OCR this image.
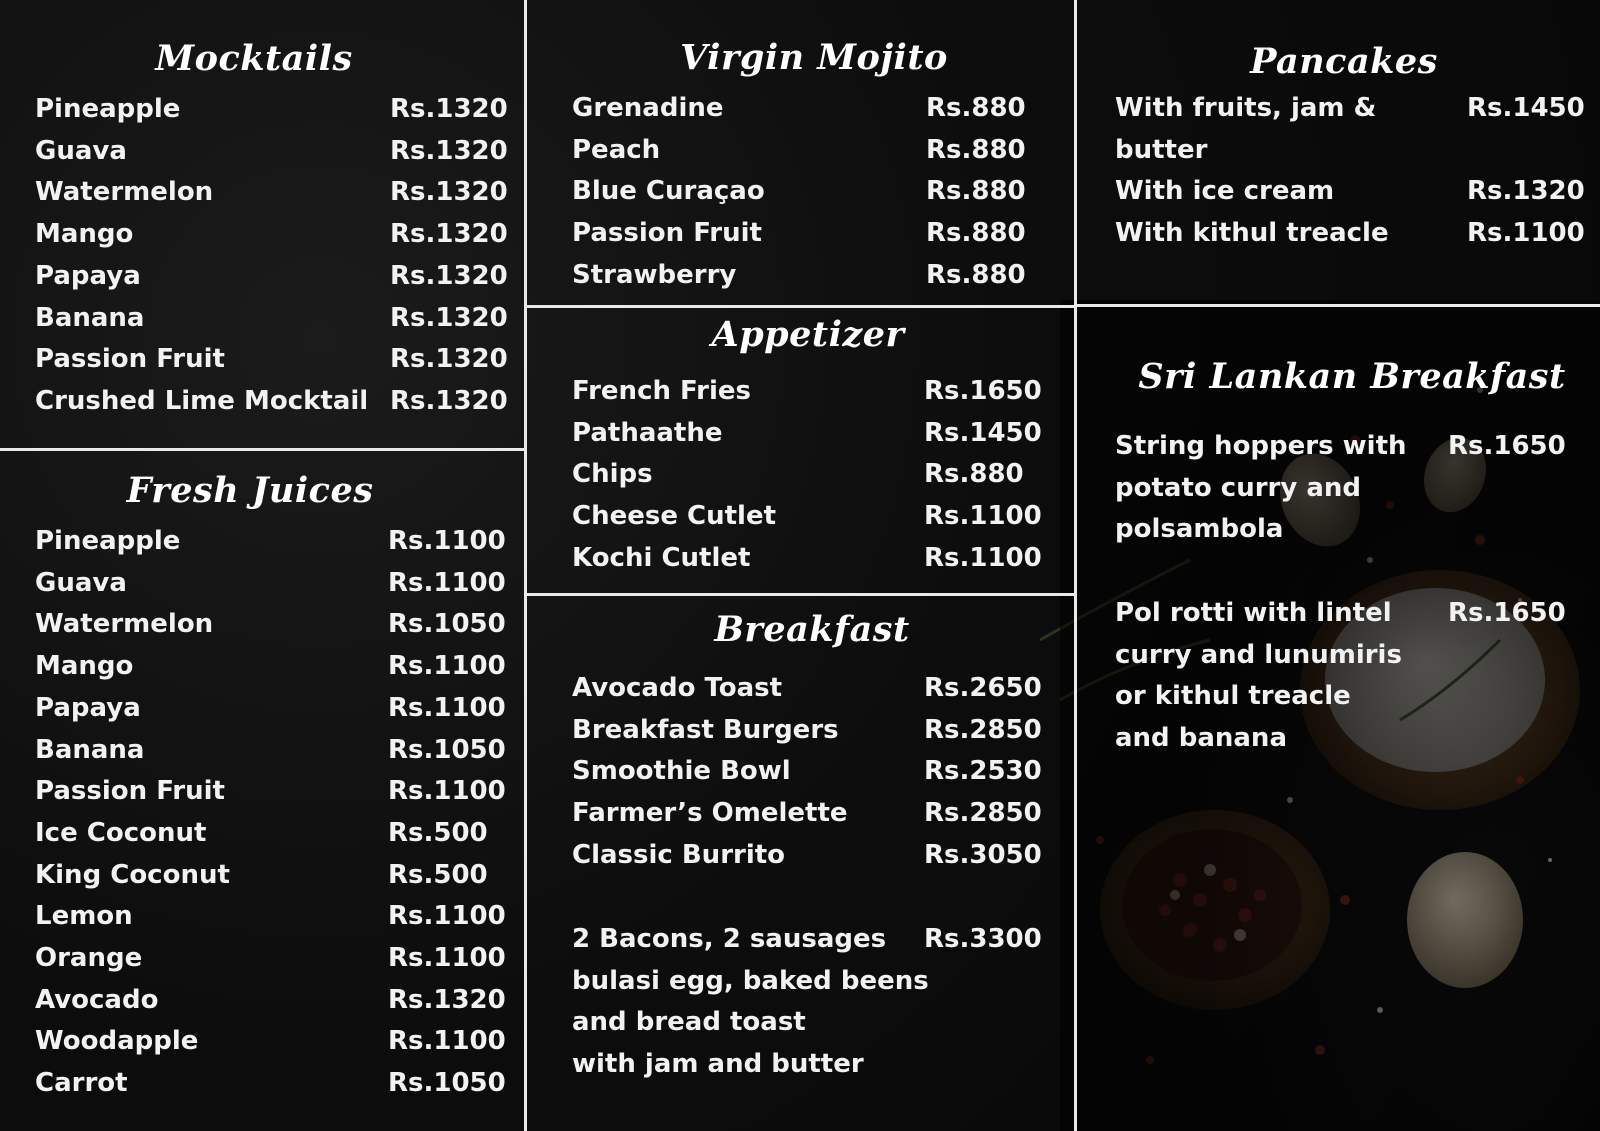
Mocktails
Pineapple	Rs.1320
Guava	Rs.1320
Watermelon	Rs.1320
Mango	Rs.1320
Papaya	Rs.1320
Banana	Rs.1320
Passion Fruit	Rs.1320
Crushed Lime Mocktail Rs.1320
Fresh Juices
Pineapple	Rs.1100
Guava	Rs.1100
Watermelon	Rs.1050
Mango	Rs.1100
Papaya	Rs.1100
Banana	Rs.1050
Passion Fruit	Rs.1100
Ice Coconut	Rs.500
King Coconut	Rs.500
Lemon	Rs.1100
Orange	Rs.1100
Avocado	Rs.1320
Woodapple	Rs.1100
Carrot	Rs.1050
Virgin Mojito
Grenadine	Rs.880
Peach	Rs.880
Blue Curaçao	Rs.880
Passion Fruit	Rs.880
Strawberry	Rs.880
Appetizer
French Fries	Rs.1650
Pathaathe	Rs.1450
Chips	Rs.880
Cheese Cutlet	Rs.1100
Kochi Cutlet	Rs.1100
Breakfast
Avocado Toast	Rs.2650
Breakfast Burgers	Rs.2850
Smoothie Bowl	Rs.2530
Farmer’s Omelette	Rs.2850
Classic Burrito	Rs.3050
2 Bacons, 2 sausages
bulasi egg, baked beens
and bread toast
with jam and butter
Rs.3300
Pancakes
With fruits, jam &
butter
Rs.1450
With ice cream	Rs.1320
With kithul treacle	Rs.1100
Sri Lankan Breakfast
String hoppers with
potato curry and
polsambola
Rs.1650
Pol rotti with lintel
curry and lunumiris
or kithul treacle
and banana
Rs.1650
